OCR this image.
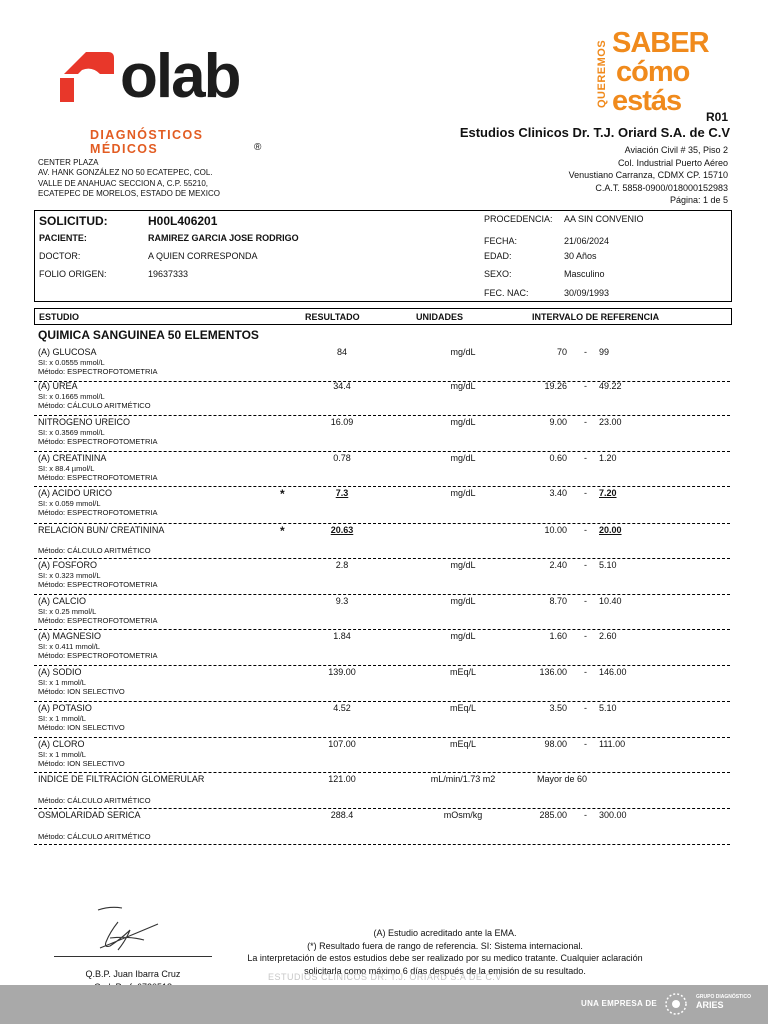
olab
DIAGNÓSTICOS MÉDICOS	®
QUEREMOS SABER
cómo
estás R01
Estudios Clinicos Dr. T.J. Oriard S.A. de C.V
Aviación Civil # 35, Piso 2
Col. Industrial Puerto Aéreo
Venustiano Carranza, CDMX CP. 15710
C.A.T. 5858-0900/018000152983
Página: 1 de 5
CENTER PLAZA
AV. HANK GONZÁLEZ NO 50 ECATEPEC, COL.
VALLE DE ANAHUAC SECCION A, C.P. 55210,
ECATEPEC DE MORELOS, ESTADO DE MEXICO
SOLICITUD:	H00L406201
PACIENTE:	RAMIREZ GARCIA JOSE RODRIGO
DOCTOR:	A QUIEN CORRESPONDA
FOLIO ORIGEN:	19637333
PROCEDENCIA: AA SIN CONVENIO
FECHA:	21/06/2024
EDAD:	30 Años
SEXO:	Masculino
FEC. NAC:	30/09/1993
ESTUDIO	RESULTADO	UNIDADES	INTERVALO DE REFERENCIA
QUIMICA SANGUINEA 50 ELEMENTOS
(A) GLUCOSA
SI: x 0.0555 mmol/L
Método: ESPECTROFOTOMETRIA
84	mg/dL	70 - 99
(A) UREA
SI: x 0.1665 mmol/L
Método: CÁLCULO ARITMÉTICO
34.4	mg/dL	19.26 - 49.22
NITROGENO UREICO
SI: x 0.3569 mmol/L
Método: ESPECTROFOTOMETRIA
16.09	mg/dL	9.00 - 23.00
(A) CREATININA
SI: x 88.4 µmol/L
Método: ESPECTROFOTOMETRIA
0.78	mg/dL	0.60 - 1.20
(A) ACIDO URICO
SI: x 0.059 mmol/L
Método: ESPECTROFOTOMETRIA
*	7.3	mg/dL	3.40 - 7.20
RELACION BUN/ CREATININA
Método: CÁLCULO ARITMÉTICO
*	20.63	10.00 - 20.00
(A) FOSFORO
SI: x 0.323 mmol/L
Método: ESPECTROFOTOMETRIA
2.8	mg/dL	2.40 - 5.10
(A) CALCIO
SI: x 0.25 mmol/L
Método: ESPECTROFOTOMETRIA
9.3	mg/dL	8.70 - 10.40
(A) MAGNESIO
SI: x 0.411 mmol/L
Método: ESPECTROFOTOMETRIA
1.84	mg/dL	1.60 - 2.60
(A) SODIO
SI: x 1 mmol/L
Método: ION SELECTIVO
139.00	mEq/L	136.00 - 146.00
(A) POTASIO
SI: x 1 mmol/L
Método: ION SELECTIVO
4.52	mEq/L	3.50 - 5.10
(A) CLORO
SI: x 1 mmol/L
Método: ION SELECTIVO
107.00	mEq/L	98.00 - 111.00
INDICE DE FILTRACION GLOMERULAR
Método: CÁLCULO ARITMÉTICO
121.00	mL/min/1.73 m2	Mayor de 60
OSMOLARIDAD SERICA
Método: CÁLCULO ARITMÉTICO
288.4	mOsm/kg	285.00 - 300.00
Q.B.P. Juan Ibarra Cruz
(A) Estudio acreditado ante la EMA.
(*) Resultado fuera de rango de referencia. SI: Sistema internacional.
La interpretación de estos estudios debe ser realizado por su medico tratante. Cualquier aclaración
solicitarla como máximo 6 días después de la emisión de su resultado.
ESTUDIOS CLINICOS DR. T.J. ORIARD S.A DE C.V
UNA EMPRESA DE
GRUPO DIAGNÓSTICO
ARIES
